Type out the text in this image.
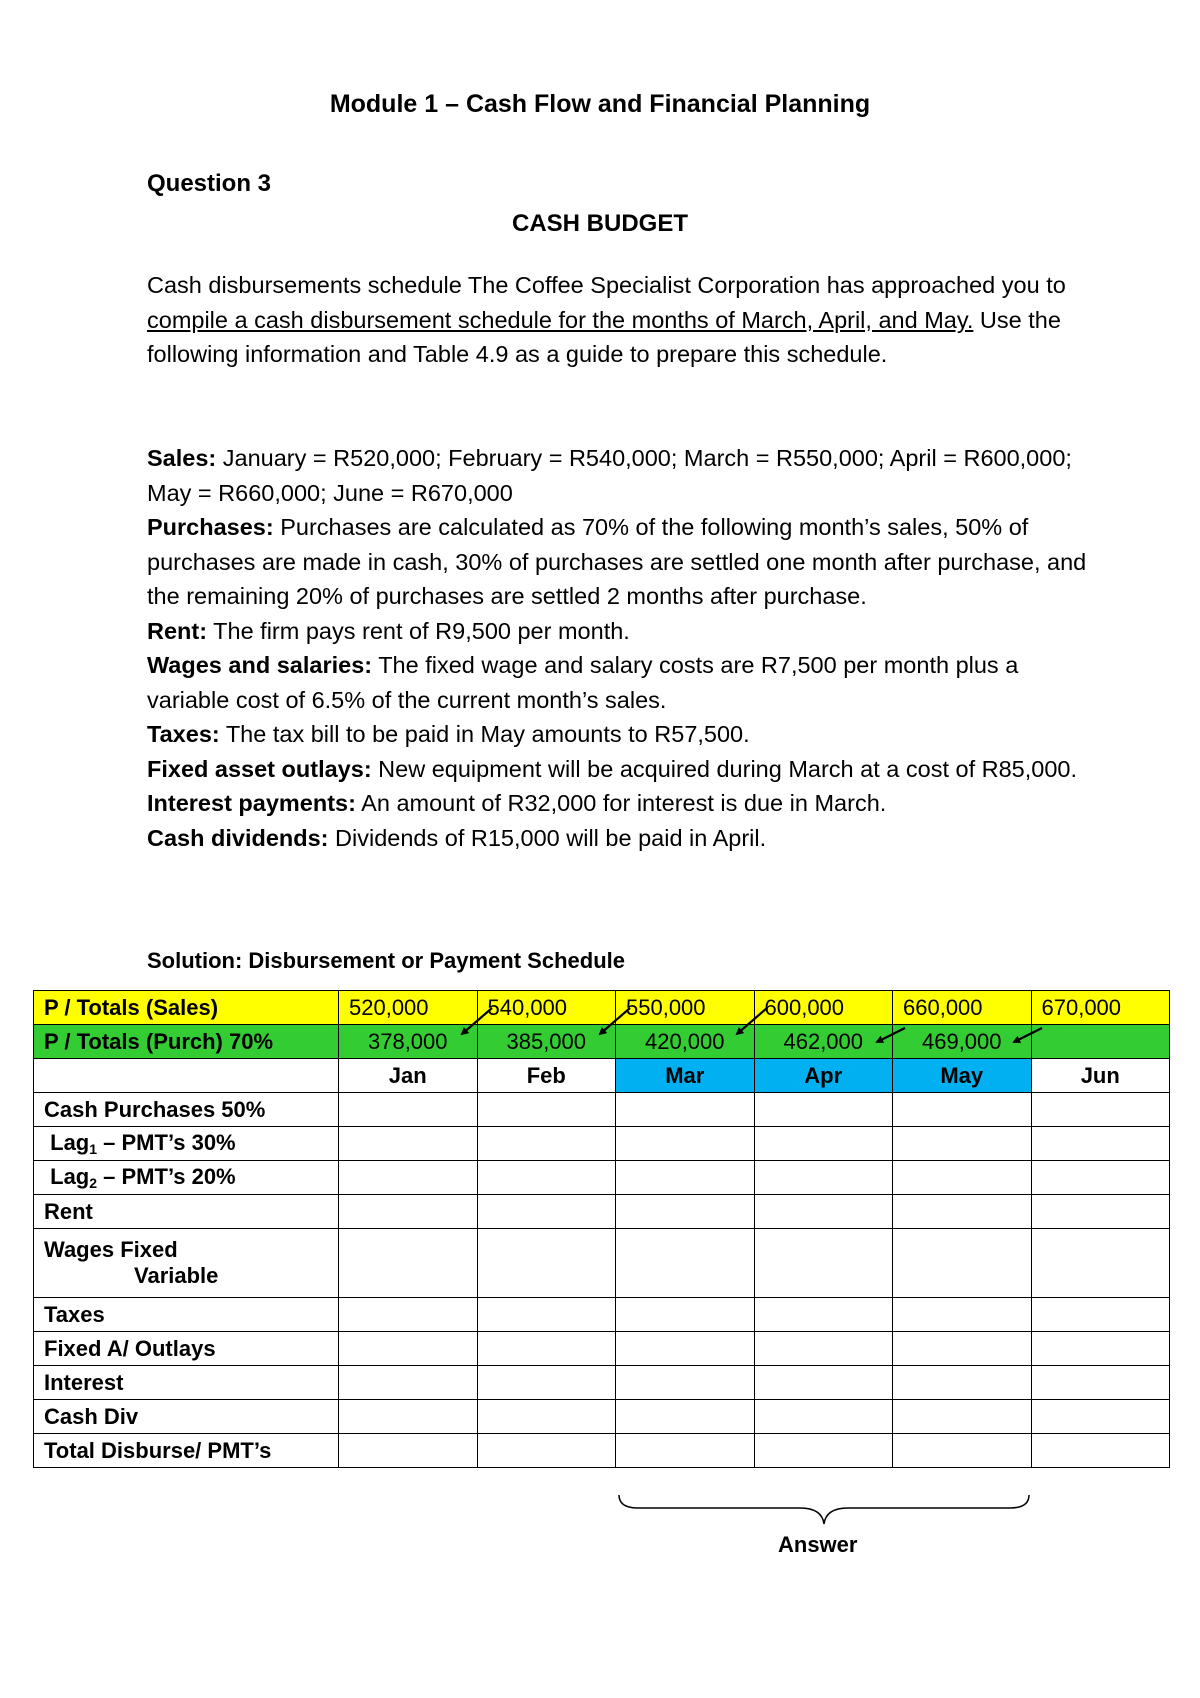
Module 1 – Cash Flow and Financial Planning
Question 3
CASH BUDGET
Cash disbursements schedule The Coffee Specialist Corporation has approached you to compile a cash disbursement schedule for the months of March, April, and May. Use the following information and Table 4.9 as a guide to prepare this schedule.

Sales: January = R520,000; February = R540,000; March = R550,000; April = R600,000; May = R660,000; June = R670,000

Purchases: Purchases are calculated as 70% of the following month’s sales, 50% of purchases are made in cash, 30% of purchases are settled one month after purchase, and the remaining 20% of purchases are settled 2 months after purchase.

Rent: The firm pays rent of R9,500 per month.

Wages and salaries: The fixed wage and salary costs are R7,500 per month plus a variable cost of 6.5% of the current month’s sales.

Taxes: The tax bill to be paid in May amounts to R57,500.

Fixed asset outlays: New equipment will be acquired during March at a cost of R85,000.

Interest payments: An amount of R32,000 for interest is due in March.

Cash dividends: Dividends of R15,000 will be paid in April.

Solution: Disbursement or Payment Schedule
P / Totals (Sales)	520,000	540,000	550,000	600,000	660,000	670,000
P / Totals (Purch) 70%	378,000	385,000	420,000	462,000	469,000	
	Jan	Feb	Mar	Apr	May	Jun
Cash Purchases 50%						
Lag$_1$ – PMT’s 30%						
Lag$_2$ – PMT’s 20%						
Rent						

Wages Fixed
Variable						
Taxes						
Fixed A/ Outlays						
Interest						
Cash Div						
Total Disburse/ PMT’s						
Answer
